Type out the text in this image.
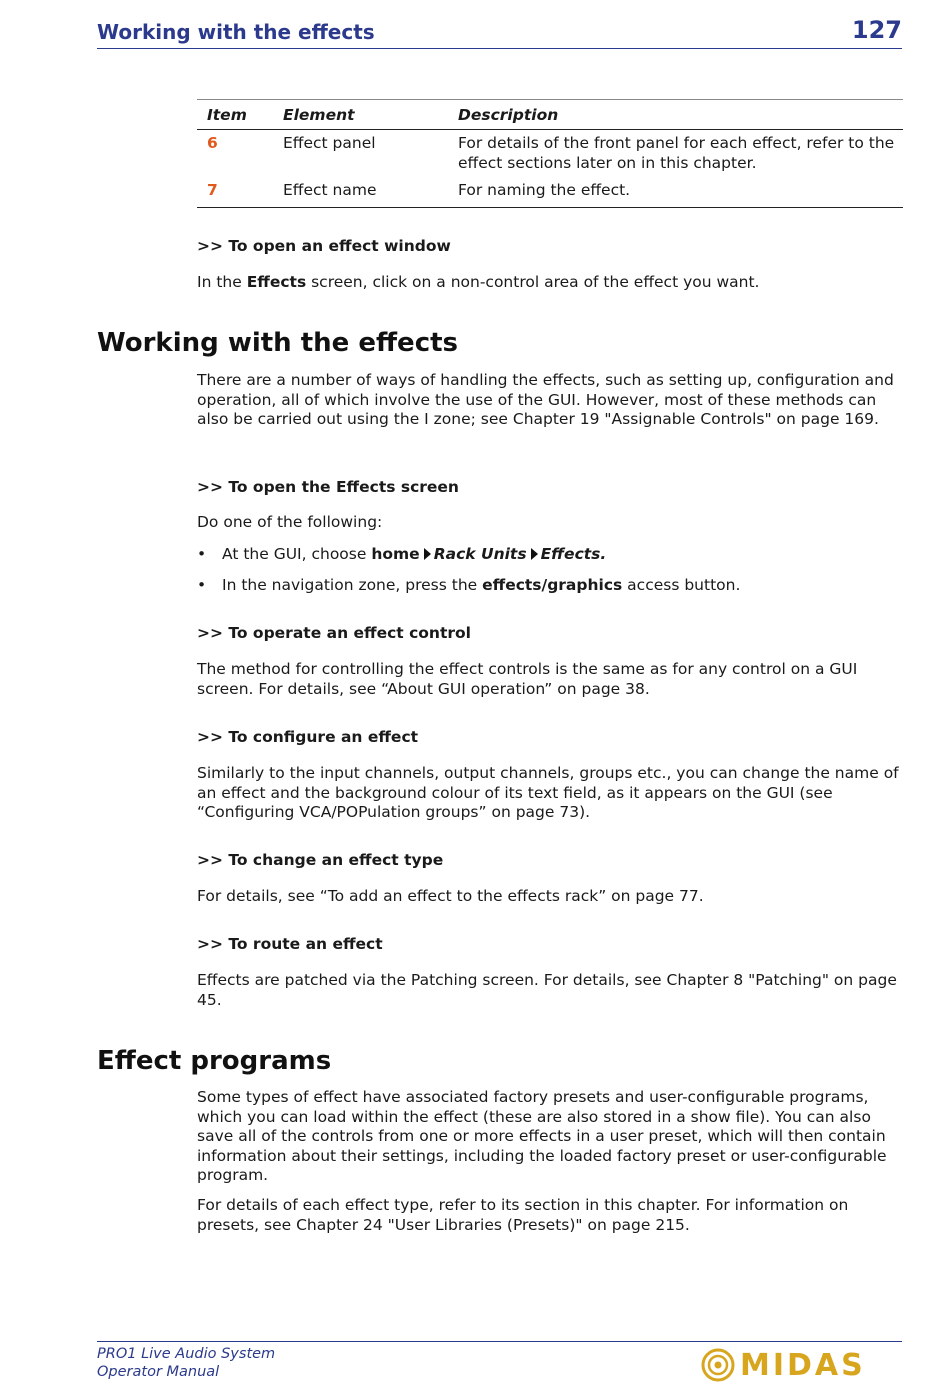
Working with the effects	127
Item	Element	Description
6	Effect panel	For details of the front panel for each effect, refer to the effect sections later on in this chapter.
7	Effect name	For naming the effect.
>> To open an effect window
In the Effects screen, click on a non-control area of the effect you want.
Working with the effects
There are a number of ways of handling the effects, such as setting up, configuration and operation, all of which involve the use of the GUI. However, most of these methods can also be carried out using the I zone; see Chapter 19 "Assignable Controls" on page 169.
>> To open the Effects screen
Do one of the following:
• At the GUI, choose home Rack Units Effects.
• In the navigation zone, press the effects/graphics access button.
>> To operate an effect control
The method for controlling the effect controls is the same as for any control on a GUI screen. For details, see “About GUI operation” on page 38.
>> To configure an effect
Similarly to the input channels, output channels, groups etc., you can change the name of an effect and the background colour of its text field, as it appears on the GUI (see “Configuring VCA/POPulation groups” on page 73).
>> To change an effect type
For details, see “To add an effect to the effects rack” on page 77.
>> To route an effect
Effects are patched via the Patching screen. For details, see Chapter 8 "Patching" on page 45.
Effect programs
Some types of effect have associated factory presets and user-configurable programs, which you can load within the effect (these are also stored in a show file). You can also save all of the controls from one or more effects in a user preset, which will then contain information about their settings, including the loaded factory preset or user-configurable program.
For details of each effect type, refer to its section in this chapter. For information on presets, see Chapter 24 "User Libraries (Presets)" on page 215.
PRO1 Live Audio System
Operator Manual	MIDAS
